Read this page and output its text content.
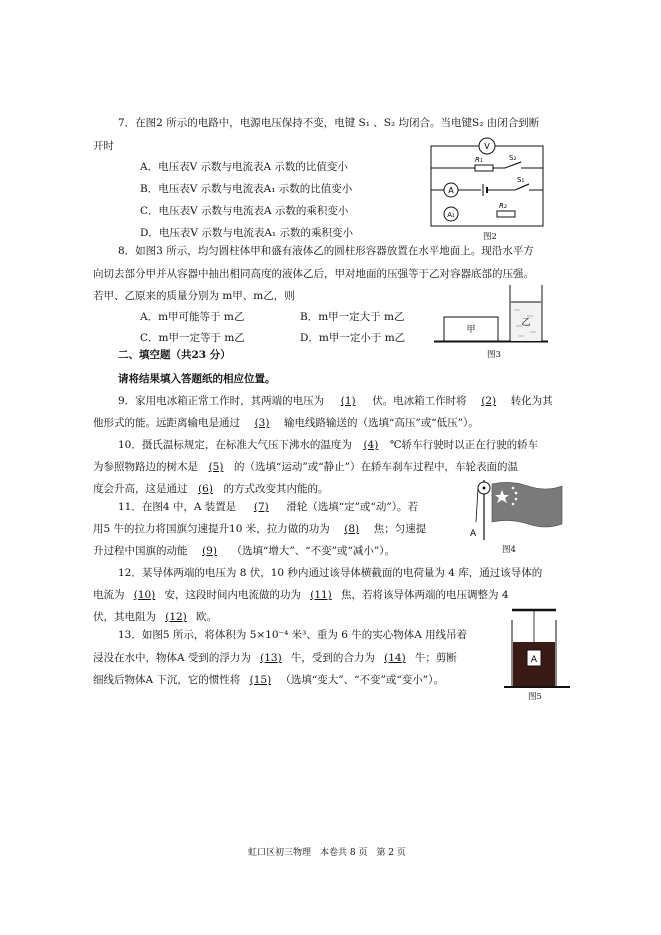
7．在图2 所示的电路中，电源电压保持不变，电键 S₁ 、S₂ 均闭合。当电键S₂ 由闭合到断
开时
A．电压表V 示数与电流表A 示数的比值变小
B．电压表V 示数与电流表A₁ 示数的比值变小
C．电压表V 示数与电流表A 示数的乘积变小
D．电压表V 示数与电流表A₁ 示数的乘积变小
V
R₁	S₂
A
S₁
A₁
R₂
图2
8．如图3 所示，均匀圆柱体甲和盛有液体乙的圆柱形容器放置在水平地面上。现沿水平方
向切去部分甲并从容器中抽出相同高度的液体乙后，甲对地面的压强等于乙对容器底部的压强。
若甲、乙原来的质量分别为 m甲、m乙，则
A．m甲可能等于 m乙	B．m甲一定大于 m乙
C．m甲一定等于 m乙	D．m甲一定小于 m乙
甲
乙
图3
二、填空题（共23 分）
请将结果填入答题纸的相应位置。
9．家用电冰箱正常工作时，其两端的电压为 (1) 伏。电冰箱工作时将 (2) 转化为其
他形式的能。远距离输电是通过 (3) 输电线路输送的（选填“高压”或“低压”）。
10．摄氏温标规定，在标准大气压下沸水的温度为 (4) ℃轿车行驶时以正在行驶的轿车
为参照物路边的树木是 (5) 的（选填“运动”或“静止”）在轿车刹车过程中，车轮表面的温
度会升高，这是通过 (6) 的方式改变其内能的。
11．在图4 中，A 装置是 (7) 滑轮（选填“定”或“动”）。若
用5 牛的拉力将国旗匀速提升10 米，拉力做的功为 (8) 焦；匀速提
升过程中国旗的动能 (9) （选填“增大”、“不变”或“减小”）。
A
图4
12．某导体两端的电压为 8 伏，10 秒内通过该导体横截面的电荷量为 4 库，通过该导体的
电流为 (10) 安，这段时间内电流做的功为 (11) 焦，若将该导体两端的电压调整为 4
伏，其电阻为 (12) 欧。
13．如图5 所示，将体积为 5×10⁻⁴ 米³、重为 6 牛的实心物体A 用线吊着
浸没在水中，物体A 受到的浮力为 (13) 牛，受到的合力为 (14) 牛；剪断
细线后物体A 下沉，它的惯性将 (15) （选填“变大”、“不变”或“变小”）。
A
图5
虹口区初三物理　本卷共 8 页　第 2 页
